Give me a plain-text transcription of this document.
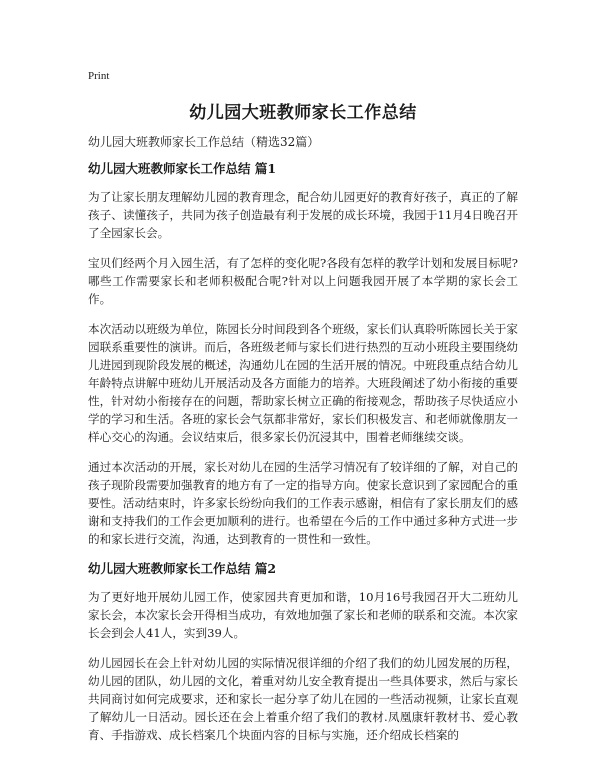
Print
幼儿园大班教师家长工作总结

幼儿园大班教师家长工作总结（精选32篇）

幼儿园大班教师家长工作总结 篇1

为了让家长朋友理解幼儿园的教育理念，配合幼儿园更好的教育好孩子，真正的了解孩子、读懂孩子，共同为孩子创造最有利于发展的成长环境，我园于11月4日晚召开了全园家长会。

宝贝们经两个月入园生活，有了怎样的变化呢?各段有怎样的教学计划和发展目标呢?哪些工作需要家长和老师积极配合呢?针对以上问题我园开展了本学期的家长会工作。

本次活动以班级为单位，陈园长分时间段到各个班级，家长们认真聆听陈园长关于家园联系重要性的演讲。而后，各班级老师与家长们进行热烈的互动小班段主要围绕幼儿进园到现阶段发展的概述，沟通幼儿在园的生活开展的情况。中班段重点结合幼儿年龄特点讲解中班幼儿开展活动及各方面能力的培养。大班段阐述了幼小衔接的重要性，针对幼小衔接存在的问题，帮助家长树立正确的衔接观念，帮助孩子尽快适应小学的学习和生活。各班的家长会气氛都非常好，家长们积极发言、和老师就像朋友一样心交心的沟通。会议结束后，很多家长仍沉浸其中，围着老师继续交谈。

通过本次活动的开展，家长对幼儿在园的生活学习情况有了较详细的了解，对自己的孩子现阶段需要加强教育的地方有了一定的指导方向。使家长意识到了家园配合的重要性。活动结束时，许多家长纷纷向我们的工作表示感谢，相信有了家长朋友们的感谢和支持我们的工作会更加顺利的进行。也希望在今后的工作中通过多种方式进一步的和家长进行交流，沟通，达到教育的一贯性和一致性。

幼儿园大班教师家长工作总结 篇2

为了更好地开展幼儿园工作，使家园共育更加和谐，10月16号我园召开大二班幼儿家长会，本次家长会开得相当成功，有效地加强了家长和老师的联系和交流。本次家长会到会人41人，实到39人。

幼儿园园长在会上针对幼儿园的实际情况很详细的介绍了我们的幼儿园发展的历程，幼儿园的团队，幼儿园的文化，着重对幼儿安全教育提出一些具体要求，然后与家长共同商讨如何完成要求，还和家长一起分享了幼儿在园的一些活动视频，让家长直观了解幼儿一日活动。园长还在会上着重介绍了我们的教材.凤凰康轩教材书、爱心教育、手指游戏、成长档案几个块面内容的目标与实施，还介绍成长档案的
